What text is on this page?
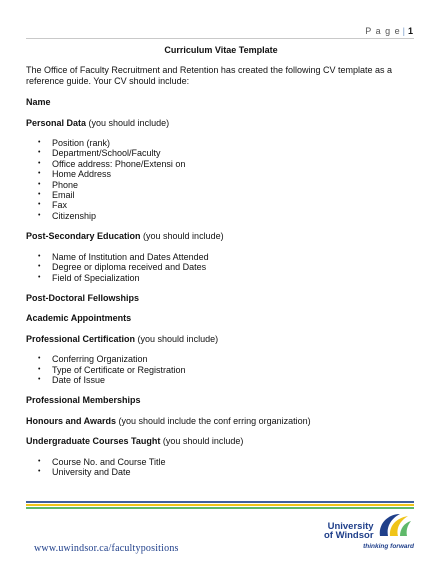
P a g e | 1

Curriculum Vitae Template

The Office of Faculty Recruitment and Retention has created the following CV template as a reference guide. Your CV should include:

Name

Personal Data (you should include)

• Position (rank)
• Department/School/Faculty
• Office address: Phone/Extensi on
• Home Address
• Phone
• Email
• Fax
• Citizenship

Post-Secondary Education (you should include)

• Name of Institution and Dates Attended
• Degree or diploma received and Dates
• Field of Specialization

Post-Doctoral Fellowships

Academic Appointments

Professional Certification (you should include)

• Conferring Organization
• Type of Certificate or Registration
• Date of Issue

Professional Memberships

Honours and Awards (you should include the conf erring organization)

Undergraduate Courses Taught (you should include)

• Course No. and Course Title
• University and Date
www.uwindsor.ca/facultypositions
University
of Windsor
thinking forward
